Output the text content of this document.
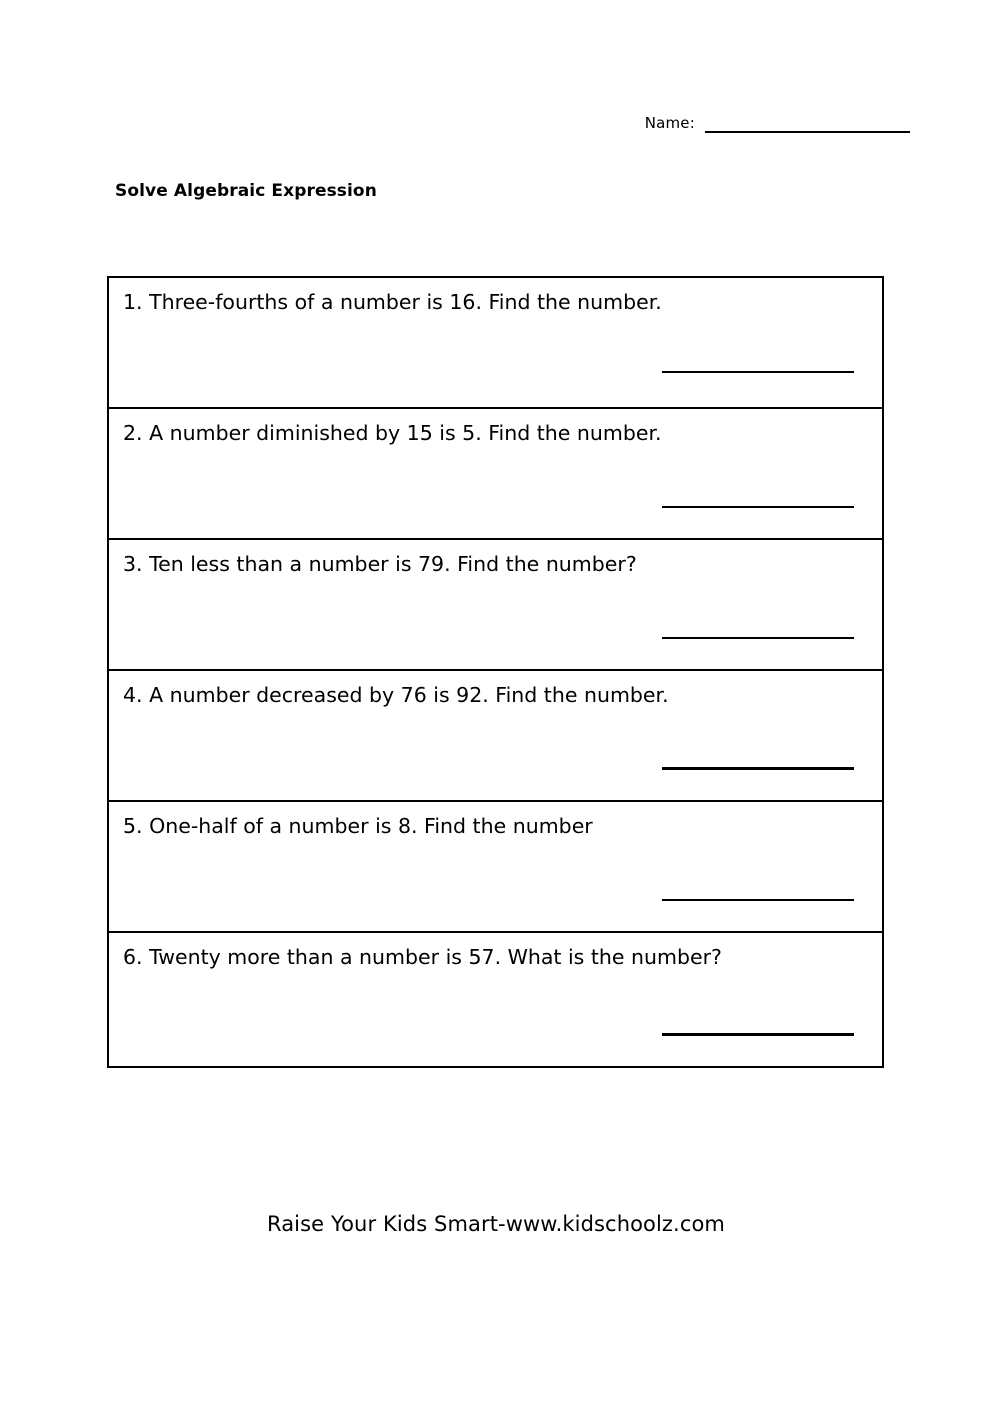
Name:
Solve Algebraic Expression
1. Three-fourths of a number is 16. Find the number.
2. A number diminished by 15 is 5. Find the number.
3. Ten less than a number is 79. Find the number?
4. A number decreased by 76 is 92. Find the number.
5. One-half of a number is 8. Find the number
6. Twenty more than a number is 57. What is the number?
Raise Your Kids Smart-www.kidschoolz.com
